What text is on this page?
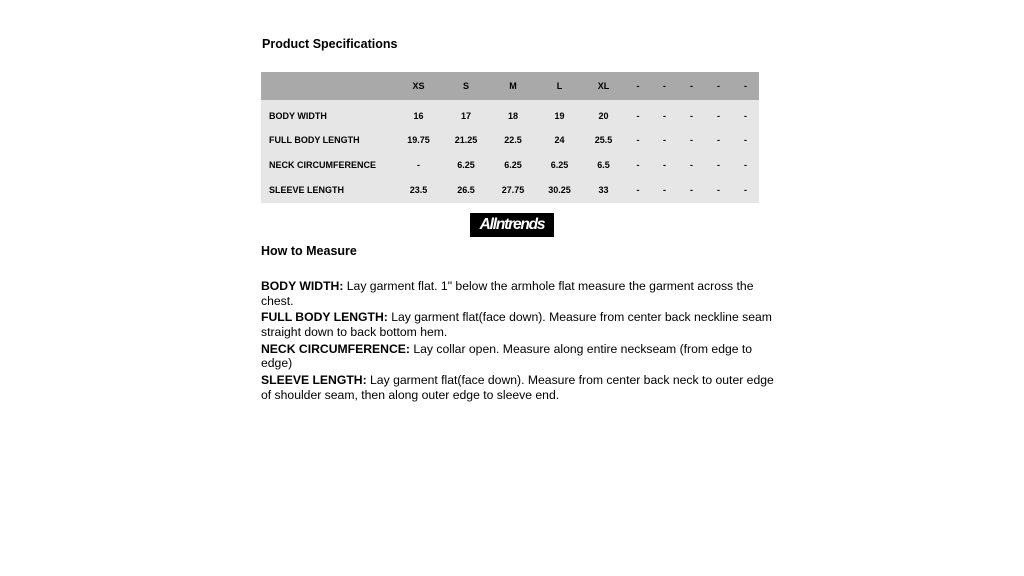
Product Specifications
	XS	S	M	L	XL	-	-	-	-	-
BODY WIDTH	16	17	18	19	20	-	-	-	-	-
FULL BODY LENGTH	19.75	21.25	22.5	24	25.5	-	-	-	-	-
NECK CIRCUMFERENCE	-	6.25	6.25	6.25	6.5	-	-	-	-	-
SLEEVE LENGTH	23.5	26.5	27.75	30.25	33	-	-	-	-	-
Allntrends
How to Measure

BODY WIDTH: Lay garment flat. 1" below the armhole flat measure the garment across the chest.

FULL BODY LENGTH: Lay garment flat(face down). Measure from center back neckline seam straight down to back bottom hem.

NECK CIRCUMFERENCE: Lay collar open. Measure along entire neckseam (from edge to edge)

SLEEVE LENGTH: Lay garment flat(face down). Measure from center back neck to outer edge of shoulder seam, then along outer edge to sleeve end.
